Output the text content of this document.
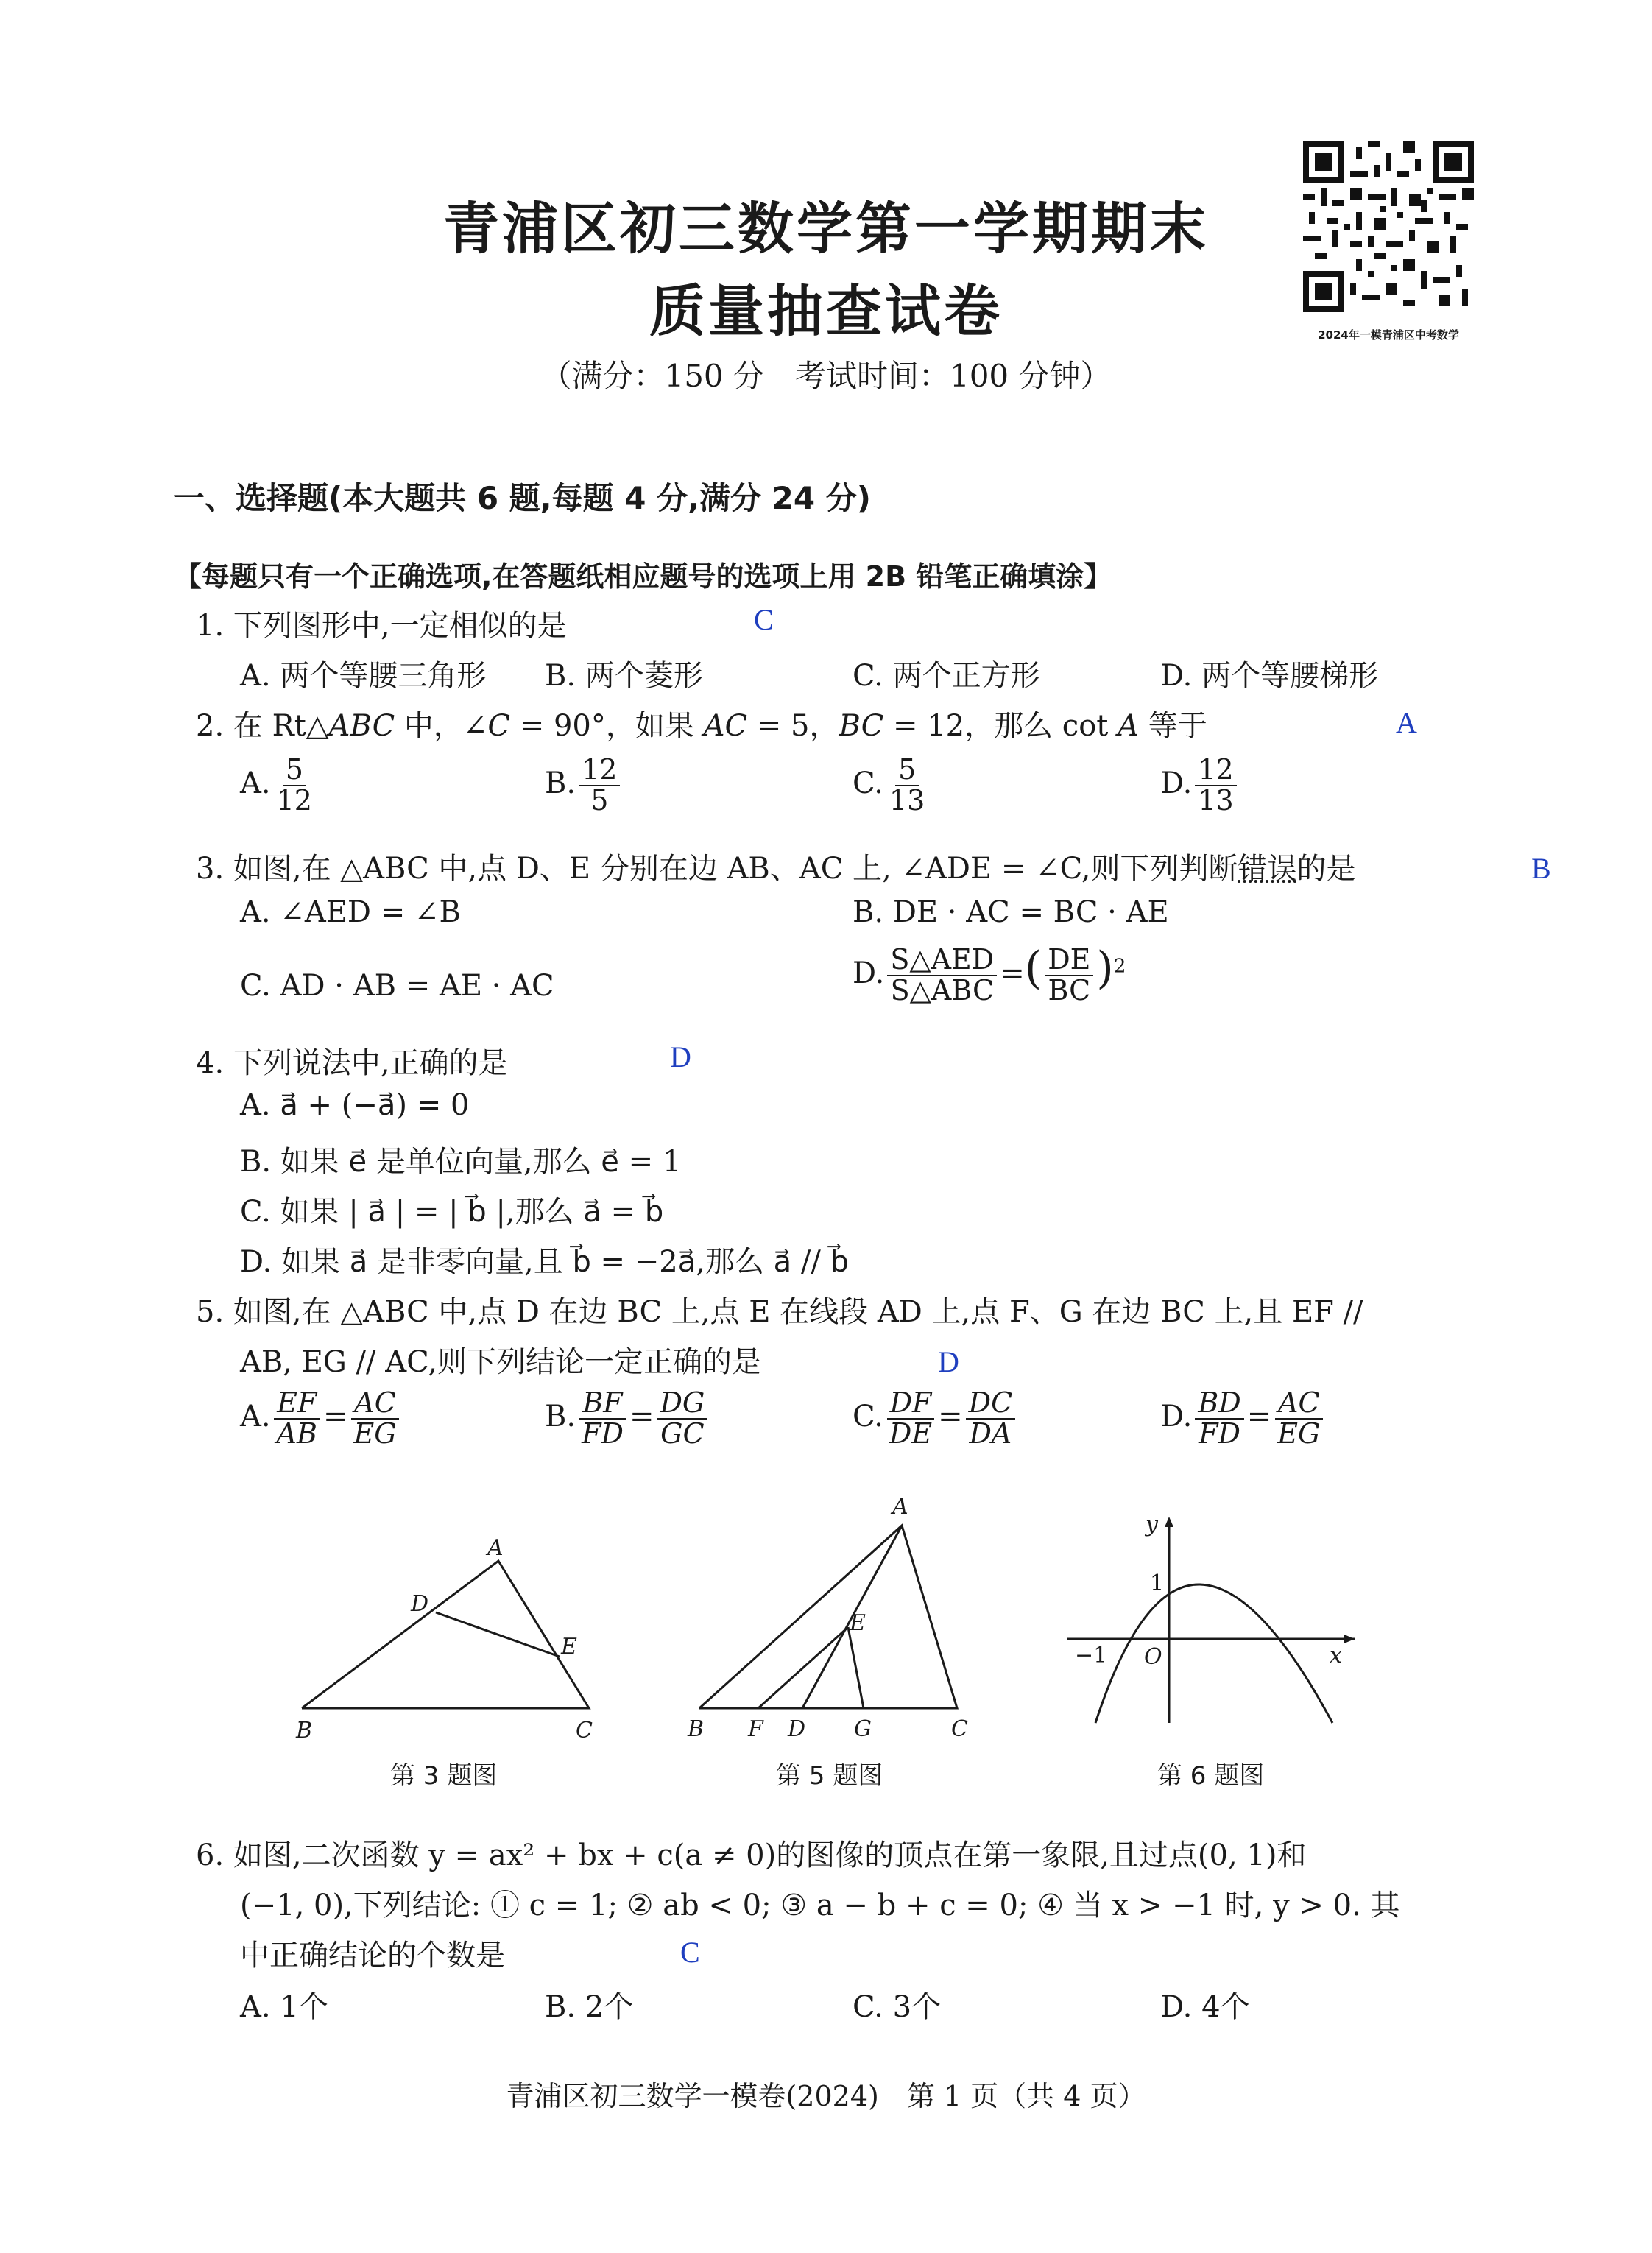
青浦区初三数学第一学期期末
质量抽查试卷
（满分：150 分　考试时间：100 分钟）
2024年一模青浦区中考数学
一、选择题(本大题共 6 题,每题 4 分,满分 24 分)
【每题只有一个正确选项,在答题纸相应题号的选项上用 2B 铅笔正确填涂】
1. 下列图形中,一定相似的是	C
A. 两个等腰三角形 B. 两个菱形	C. 两个正方形	D. 两个等腰梯形
2. 在 Rt△ABC 中，∠C = 90°，如果 AC = 5，BC = 12，那么 cot A 等于	A
A. $\frac{5}{12}$	B. $\frac{12}{5}$	C. $\frac{5}{13}$	D. $\frac{12}{13}$
3. 如图,在 △ABC 中,点 D、E 分别在边 AB、AC 上, ∠ADE = ∠C,则下列判断错误的是	B
A. ∠AED = ∠B	B. DE · AC = BC · AE
C. AD · AB = AE · AC	D. $\frac{\text{S△AED}}{\text{S△ABC}}$ =( $\frac{DE}{BC} )^2$
4. 下列说法中,正确的是	D
A. a⃗ + (−a⃗) = 0
B. 如果 e⃗ 是单位向量,那么 e⃗ = 1
C. 如果 | a⃗ | = | b⃗ |,那么 a⃗ = b⃗
D. 如果 a⃗ 是非零向量,且 b⃗ = −2a⃗,那么 a⃗ // b⃗
5. 如图,在 △ABC 中,点 D 在边 BC 上,点 E 在线段 AD 上,点 F、G 在边 BC 上,且 EF //
AB, EG // AC,则下列结论一定正确的是	D
A. $\frac{EF}{AB} = \frac{AC}{EG}$	B. $\frac{BF}{FD} = \frac{DG}{GC}$	C. $\frac{DF}{DE} = \frac{DC}{DA}$	D. $\frac{BD}{FD} = \frac{AC}{EG}$
A
B	C
D
E
第 3 题图
A
B	C
D
E
F	G
第 5 题图
y
x
1
−1 O
第 6 题图
6. 如图,二次函数 y = ax² + bx + c(a ≠ 0)的图像的顶点在第一象限,且过点(0, 1)和
(−1, 0),下列结论: ① c = 1; ② ab < 0; ③ a − b + c = 0; ④ 当 x > −1 时, y > 0. 其
中正确结论的个数是	C
A. 1个	B. 2个	C. 3个	D. 4个
青浦区初三数学一模卷(2024)　第 1 页（共 4 页）
